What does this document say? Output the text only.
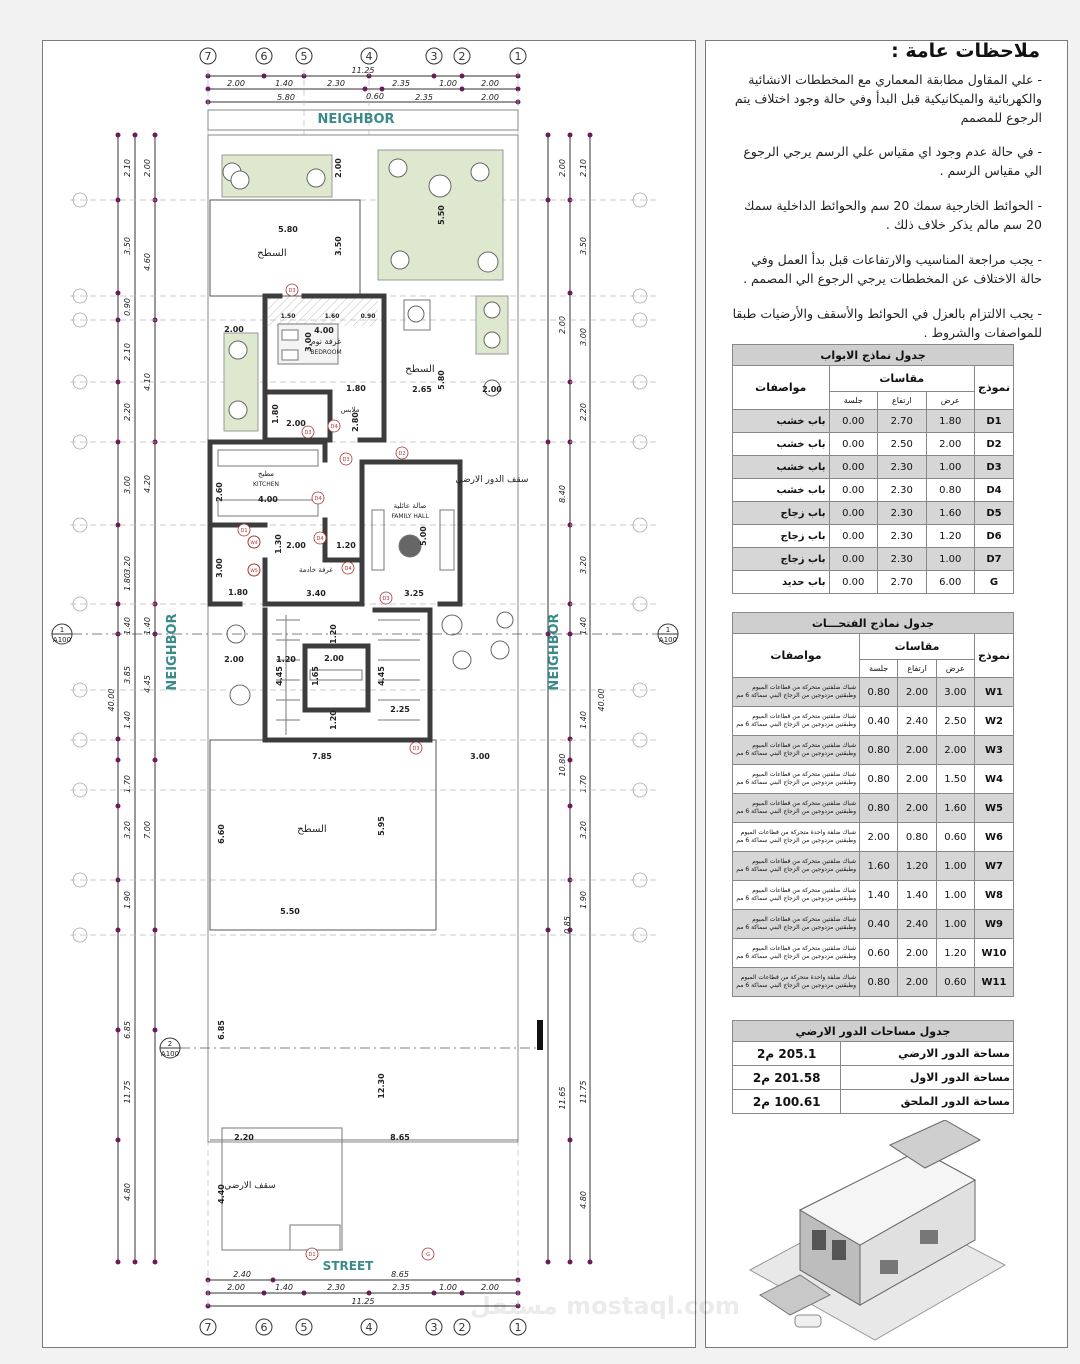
7	6	5	4	3 2	1
7	6	5	4	3 2	1
2.00	1.40	2.30	2.35	1.00	2.00
5.80	0.60	2.35	2.00
11.25
2.40	8.65
2.00	1.40	2.30	2.35	1.00	2.00
11.25
2.10
3.50
0.90
2.10
2.20
3.00
3.20
1.80
1.40
3.85
1.40
1.70
3.20
1.90
6.85
11.75
4.80
2.00
4.60
4.10
4.20
1.40
4.45
7.00
40.00
2.00
2.00
8.40
10.80
11.65
2.10
3.50
3.00
2.20
3.20
1.40
1.40
1.70
3.20
1.90
0.85
11.75
4.80
40.00
NEIGHBOR
NEIGHBOR	NEIGHBOR
STREET
1
A100
1
A100
2
A100
السطح
غرفة نوم
BEDROOM
ملابس
السطح
مطبخ
KITCHEN
صالة عائلية
FAMILY HALL
غرفة خادمة
سقف الدور الارضي
السطح
سقف الارضي
5.80
3.50
2.00
5.50
4.00
3.00
1.50	1.60	0.90
2.00
1.80
2.80
1.80 2.00
2.65 5.80	2.00
2.60	4.00
5.00
1.30 2.00	1.20
3.00
1.80	3.40	3.25
1.20
2.00
1.20
4.45	1.65	4.45
1.20
2.25
2.00
7.85	3.00
6.60	5.95
5.50
6.85
12.30
2.20	8.65
4.40
D3
D3
D4
D2
D3
D4
D1
D4
D4
D3
D3
D1	G
W4
W5
ملاحظات عامة :
- علي المقاول مطابقة المعماري مع المخططات الانشائية والكهربائية والميكانيكية قبل البدأ وفي حالة وجود اختلاف يتم الرجوع للمصمم
- في حالة عدم وجود اي مقياس علي الرسم يرجي الرجوع الي مقياس الرسم .
- الحوائط الخارجية سمك 20 سم والحوائط الداخلية سمك 20 سم مالم يذكر خلاف ذلك .
- يجب مراجعة المناسيب والارتفاعات قبل بدأ العمل وفي حالة الاختلاف عن المخططات يرجي الرجوع الي المصمم .
- يجب الالتزام بالعزل في الحوائط والأسقف والأرضيات طبقا للمواصفات والشروط .
جدول نماذج الابواب				
نموذج	مقاسات			مواصفات
	عرض	ارتفاع	جلسة	
D1	1.80	2.70	0.00	باب خشب
D2	2.00	2.50	0.00	باب خشب
D3	1.00	2.30	0.00	باب خشب
D4	0.80	2.30	0.00	باب خشب
D5	1.60	2.30	0.00	باب زجاج
D6	1.20	2.30	0.00	باب زجاج
D7	1.00	2.30	0.00	باب زجاج
G	6.00	2.70	0.00	باب حديد
جدول نماذج الفتحـــات				
نموذج	مقاسات			مواصفات
	عرض	ارتفاع	جلسة	
W1	3.00	2.00	0.80	شباك ضلفتين متحركة من قطاعات الميوم وطبقتين مزدوجين من الزجاج البني سماكة 6 مم
W2	2.50	2.40	0.40	شباك ضلفتين متحركة من قطاعات الميوم وطبقتين مزدوجين من الزجاج البني سماكة 6 مم
W3	2.00	2.00	0.80	شباك ضلفتين متحركة من قطاعات الميوم وطبقتين مزدوجين من الزجاج البني سماكة 6 مم
W4	1.50	2.00	0.80	شباك ضلفتين متحركة من قطاعات الميوم وطبقتين مزدوجين من الزجاج البني سماكة 6 مم
W5	1.60	2.00	0.80	شباك ضلفتين متحركة من قطاعات الميوم وطبقتين مزدوجين من الزجاج البني سماكة 6 مم
W6	0.60	0.80	2.00	شباك ضلفة واحدة متحركة من قطاعات الميوم وطبقتين مزدوجين من الزجاج البني سماكة 6 مم
W7	1.00	1.20	1.60	شباك ضلفتين متحركة من قطاعات الميوم وطبقتين مزدوجين من الزجاج البني سماكة 6 مم
W8	1.00	1.40	1.40	شباك ضلفتين متحركة من قطاعات الميوم وطبقتين مزدوجين من الزجاج البني سماكة 6 مم
W9	1.00	2.40	0.40	شباك ضلفتين متحركة من قطاعات الميوم وطبقتين مزدوجين من الزجاج البني سماكة 6 مم
W10	1.20	2.00	0.60	شباك ضلفتين متحركة من قطاعات الميوم وطبقتين مزدوجين من الزجاج البني سماكة 6 مم
W11	0.60	2.00	0.80	شباك ضلفة واحدة متحركة من قطاعات الميوم وطبقتين مزدوجين من الزجاج البني سماكة 6 مم
جدول مساحات الدور الارضي	
مساحة الدور الارضي	205.1 م2
مساحة الدور الاول	201.58 م2
مساحة الدور الملحق	100.61 م2
مستقل mostaql.com
